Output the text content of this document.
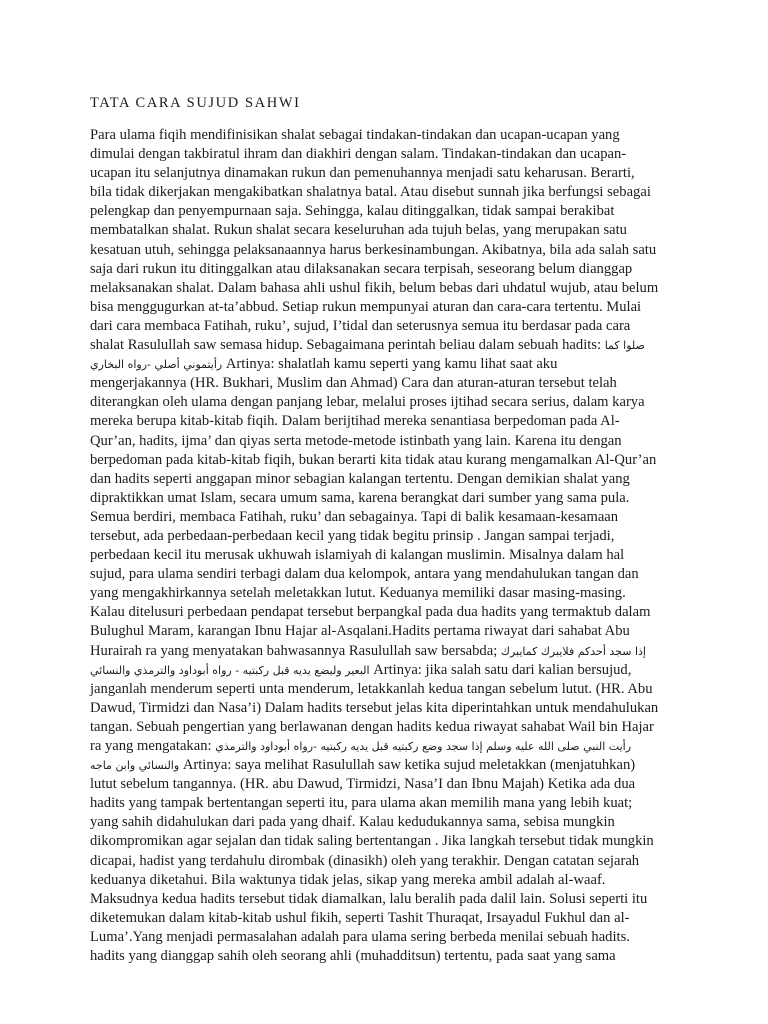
TATA CARA SUJUD SAHWI
Para ulama fiqih mendifinisikan shalat sebagai tindakan-tindakan dan ucapan-ucapan yang
dimulai dengan takbiratul ihram dan diakhiri dengan salam. Tindakan-tindakan dan ucapan-
ucapan itu selanjutnya dinamakan rukun dan pemenuhannya menjadi satu keharusan. Berarti,
bila tidak dikerjakan mengakibatkan shalatnya batal. Atau disebut sunnah jika berfungsi sebagai
pelengkap dan penyempurnaan saja. Sehingga, kalau ditinggalkan, tidak sampai berakibat
membatalkan shalat. Rukun shalat secara keseluruhan ada tujuh belas, yang merupakan satu
kesatuan utuh, sehingga pelaksanaannya harus berkesinambungan. Akibatnya, bila ada salah satu
saja dari rukun itu ditinggalkan atau dilaksanakan secara terpisah, seseorang belum dianggap
melaksanakan shalat. Dalam bahasa ahli ushul fikih, belum bebas dari uhdatul wujub, atau belum
bisa menggugurkan at-ta’abbud. Setiap rukun mempunyai aturan dan cara-cara tertentu. Mulai
dari cara membaca Fatihah, ruku’, sujud, I’tidal dan seterusnya semua itu berdasar pada cara
shalat Rasulullah saw semasa hidup. Sebagaimana perintah beliau dalam sebuah hadits: صلوا كما
رأيتموني أصلي -رواه البخاري Artinya: shalatlah kamu seperti yang kamu lihat saat aku
mengerjakannya (HR. Bukhari, Muslim dan Ahmad) Cara dan aturan-aturan tersebut telah
diterangkan oleh ulama dengan panjang lebar, melalui proses ijtihad secara serius, dalam karya
mereka berupa kitab-kitab fiqih. Dalam berijtihad mereka senantiasa berpedoman pada Al-
Qur’an, hadits, ijma’ dan qiyas serta metode-metode istinbath yang lain. Karena itu dengan
berpedoman pada kitab-kitab fiqih, bukan berarti kita tidak atau kurang mengamalkan Al-Qur’an
dan hadits seperti anggapan minor sebagian kalangan tertentu. Dengan demikian shalat yang
dipraktikkan umat Islam, secara umum sama, karena berangkat dari sumber yang sama pula.
Semua berdiri, membaca Fatihah, ruku’ dan sebagainya. Tapi di balik kesamaan-kesamaan
tersebut, ada perbedaan-perbedaan kecil yang tidak begitu prinsip . Jangan sampai terjadi,
perbedaan kecil itu merusak ukhuwah islamiyah di kalangan muslimin. Misalnya dalam hal
sujud, para ulama sendiri terbagi dalam dua kelompok, antara yang mendahulukan tangan dan
yang mengakhirkannya setelah meletakkan lutut. Keduanya memiliki dasar masing-masing.
Kalau ditelusuri perbedaan pendapat tersebut berpangkal pada dua hadits yang termaktub dalam
Bulughul Maram, karangan Ibnu Hajar al-Asqalani.Hadits pertama riwayat dari sahabat Abu
Hurairah ra yang menyatakan bahwasannya Rasulullah saw bersabda; إذا سجد أحدكم فلايبرك كمايبرك
البعير وليضع يديه قبل ركبتيه - رواه أبوداود والترمذي والنسائي Artinya: jika salah satu dari kalian bersujud,
janganlah menderum seperti unta menderum, letakkanlah kedua tangan sebelum lutut. (HR. Abu
Dawud, Tirmidzi dan Nasa’i) Dalam hadits tersebut jelas kita diperintahkan untuk mendahulukan
tangan. Sebuah pengertian yang berlawanan dengan hadits kedua riwayat sahabat Wail bin Hajar
ra yang mengatakan: رأيت النبي صلى الله عليه وسلم إذا سجد وضع ركبتيه قبل يديه ركبتيه -رواه أبوداود والترمذي
والنسائي وابن ماجه Artinya: saya melihat Rasulullah saw ketika sujud meletakkan (menjatuhkan)
lutut sebelum tangannya. (HR. abu Dawud, Tirmidzi, Nasa’I dan Ibnu Majah) Ketika ada dua
hadits yang tampak bertentangan seperti itu, para ulama akan memilih mana yang lebih kuat;
yang sahih didahulukan dari pada yang dhaif. Kalau kedudukannya sama, sebisa mungkin
dikompromikan agar sejalan dan tidak saling bertentangan . Jika langkah tersebut tidak mungkin
dicapai, hadist yang terdahulu dirombak (dinasikh) oleh yang terakhir. Dengan catatan sejarah
keduanya diketahui. Bila waktunya tidak jelas, sikap yang mereka ambil adalah al-waaf.
Maksudnya kedua hadits tersebut tidak diamalkan, lalu beralih pada dalil lain. Solusi seperti itu
diketemukan dalam kitab-kitab ushul fikih, seperti Tashit Thuraqat, Irsayadul Fukhul dan al-
Luma’.Yang menjadi permasalahan adalah para ulama sering berbeda menilai sebuah hadits.
hadits yang dianggap sahih oleh seorang ahli (muhadditsun) tertentu, pada saat yang sama
